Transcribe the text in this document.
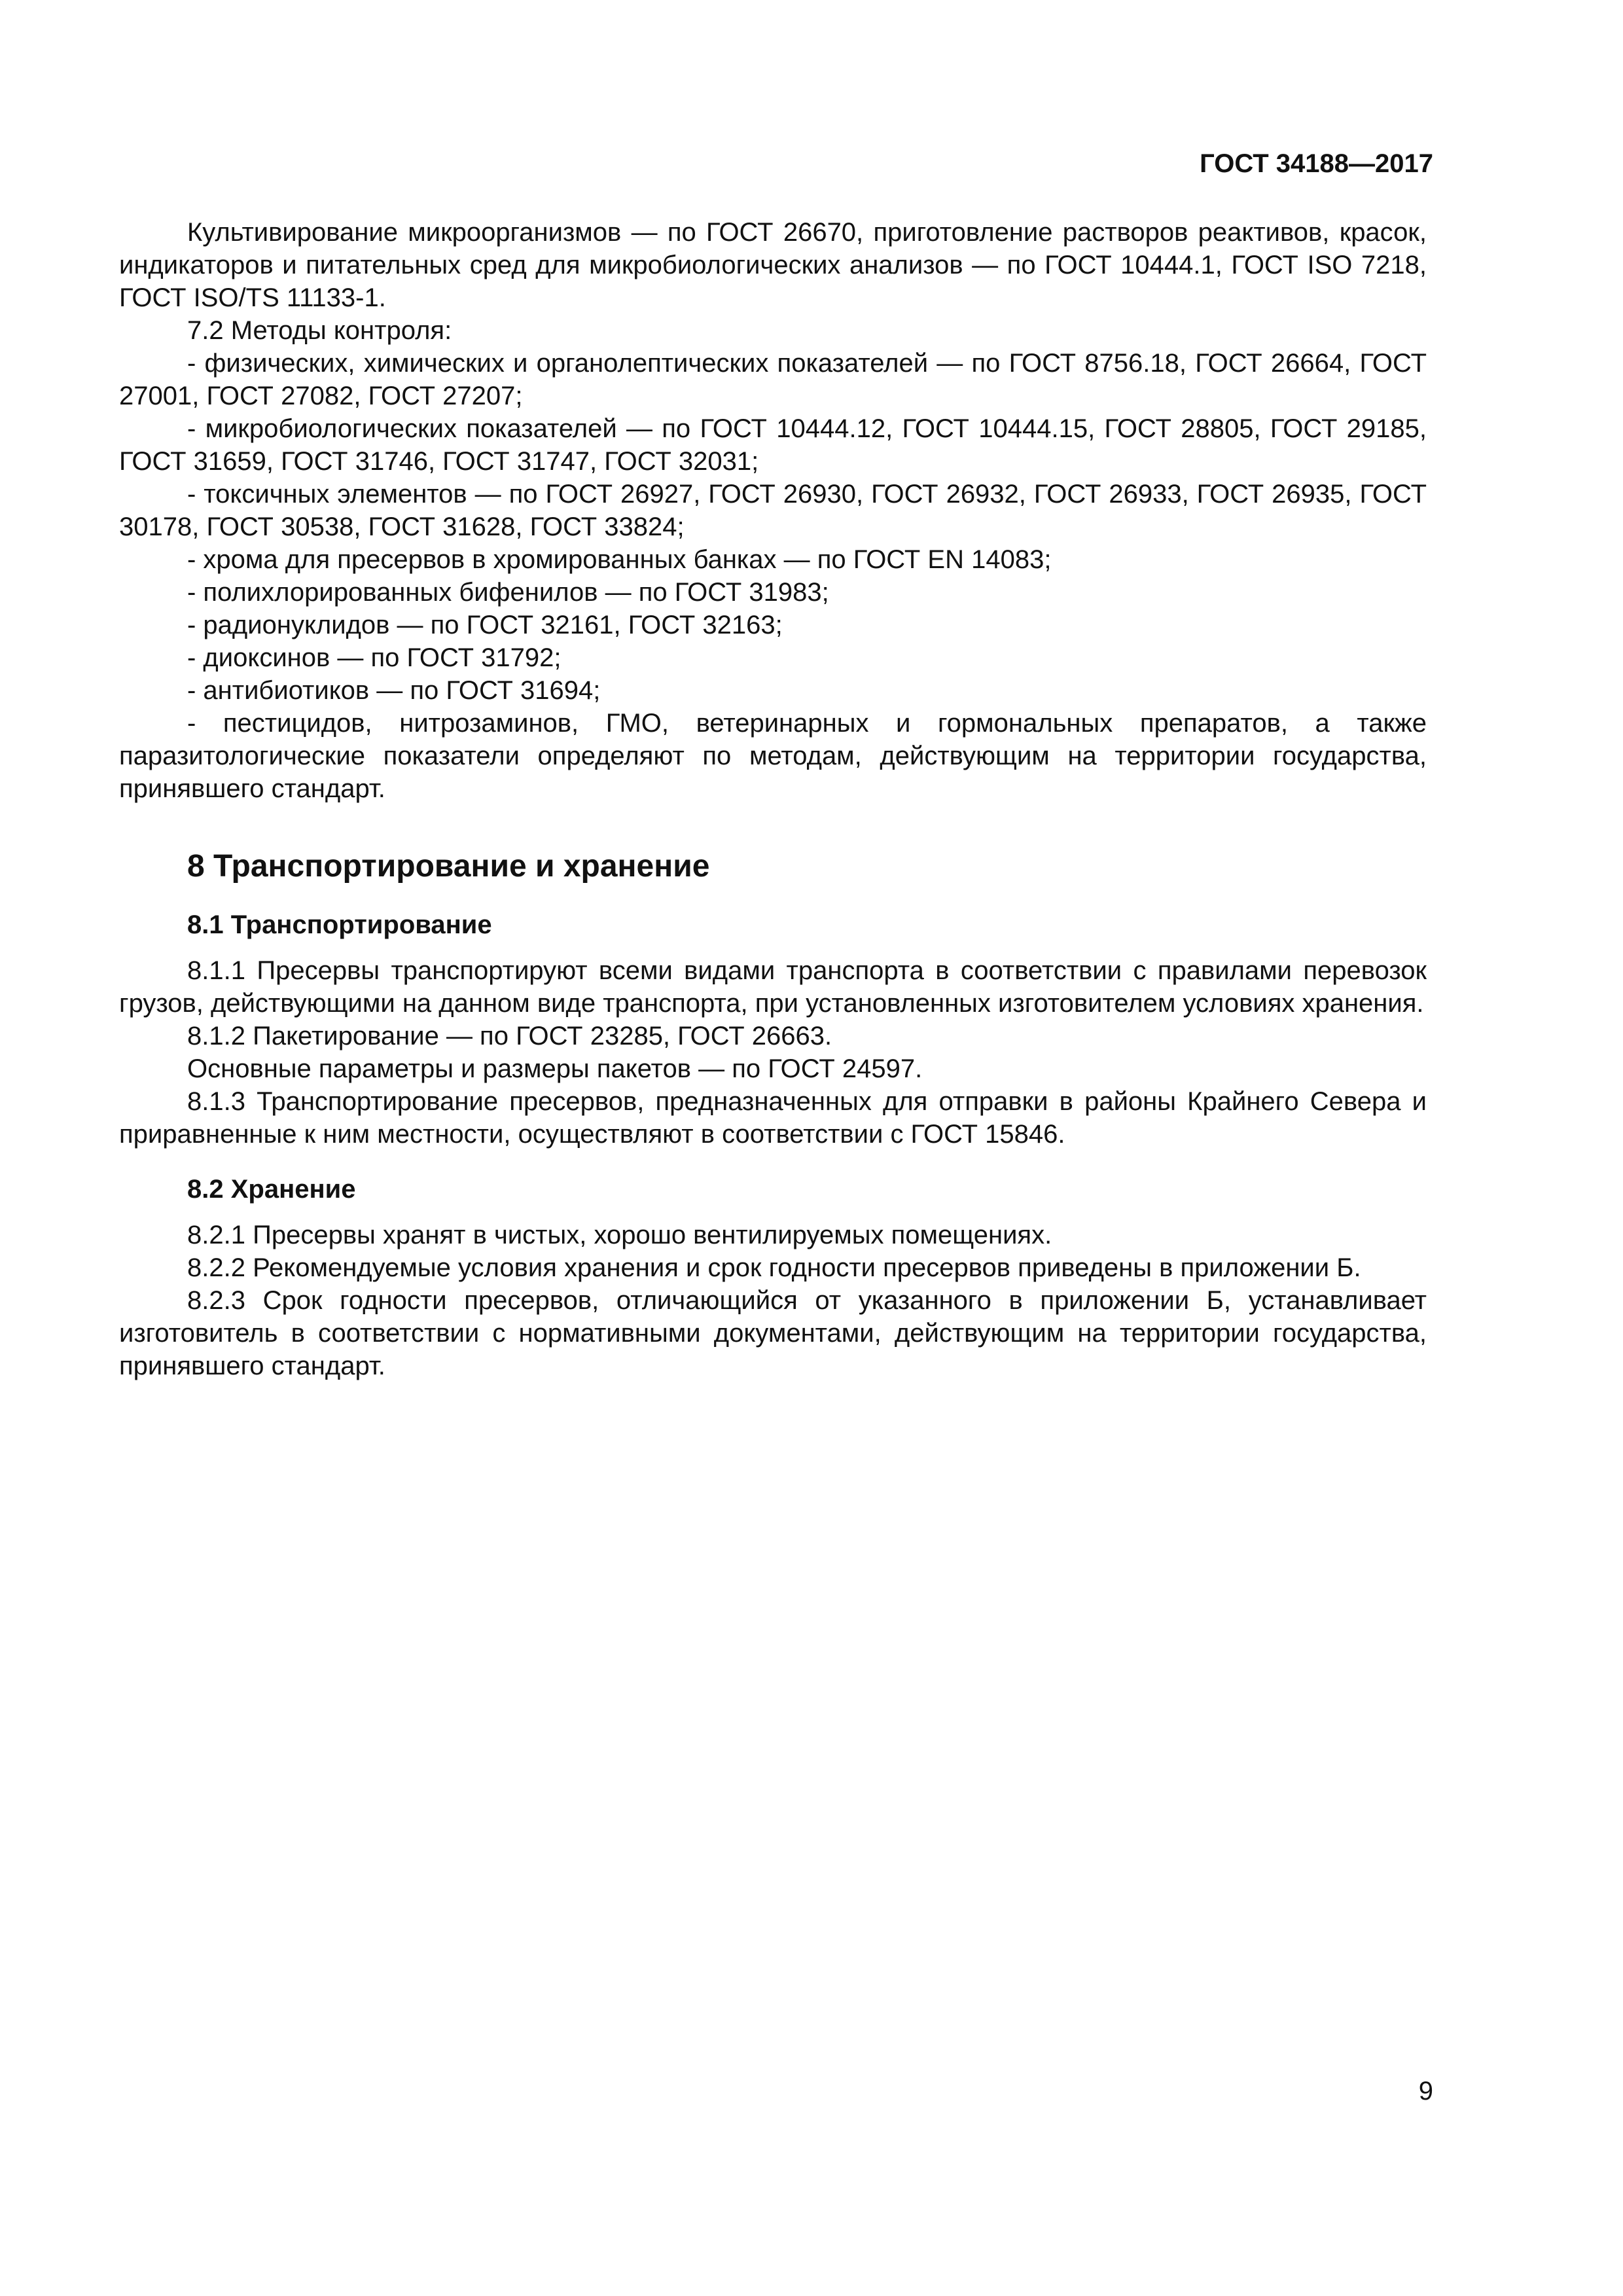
ГОСТ 34188—2017

Культивирование микроорганизмов — по ГОСТ 26670, приготовление растворов реактивов, красок, индикаторов и питательных сред для микробиологических анализов — по ГОСТ 10444.1, ГОСТ ISO 7218, ГОСТ ISO/TS 11133-1.

7.2 Методы контроля:

- физических, химических и органолептических показателей — по ГОСТ 8756.18, ГОСТ 26664, ГОСТ 27001, ГОСТ 27082, ГОСТ 27207;

- микробиологических показателей — по ГОСТ 10444.12, ГОСТ 10444.15, ГОСТ 28805, ГОСТ 29185, ГОСТ 31659, ГОСТ 31746, ГОСТ 31747, ГОСТ 32031;

- токсичных элементов — по ГОСТ 26927, ГОСТ 26930, ГОСТ 26932, ГОСТ 26933, ГОСТ 26935, ГОСТ 30178, ГОСТ 30538, ГОСТ 31628, ГОСТ 33824;

- хрома для пресервов в хромированных банках — по ГОСТ EN 14083;

- полихлорированных бифенилов — по ГОСТ 31983;

- радионуклидов — по ГОСТ 32161, ГОСТ 32163;

- диоксинов — по ГОСТ 31792;

- антибиотиков — по ГОСТ 31694;

- пестицидов, нитрозаминов, ГМО, ветеринарных и гормональных препаратов, а также паразитологические показатели определяют по методам, действующим на территории государства, принявшего стандарт.

8 Транспортирование и хранение
8.1 Транспортирование

8.1.1 Пресервы транспортируют всеми видами транспорта в соответствии с правилами перевозок грузов, действующими на данном виде транспорта, при установленных изготовителем условиях хранения.

8.1.2 Пакетирование — по ГОСТ 23285, ГОСТ 26663.

Основные параметры и размеры пакетов — по ГОСТ 24597.

8.1.3 Транспортирование пресервов, предназначенных для отправки в районы Крайнего Севера и приравненные к ним местности, осуществляют в соответствии с ГОСТ 15846.

8.2 Хранение

8.2.1 Пресервы хранят в чистых, хорошо вентилируемых помещениях.

8.2.2 Рекомендуемые условия хранения и срок годности пресервов приведены в приложении Б.

8.2.3 Срок годности пресервов, отличающийся от указанного в приложении Б, устанавливает изготовитель в соответствии с нормативными документами, действующим на территории государства, принявшего стандарт.

9
